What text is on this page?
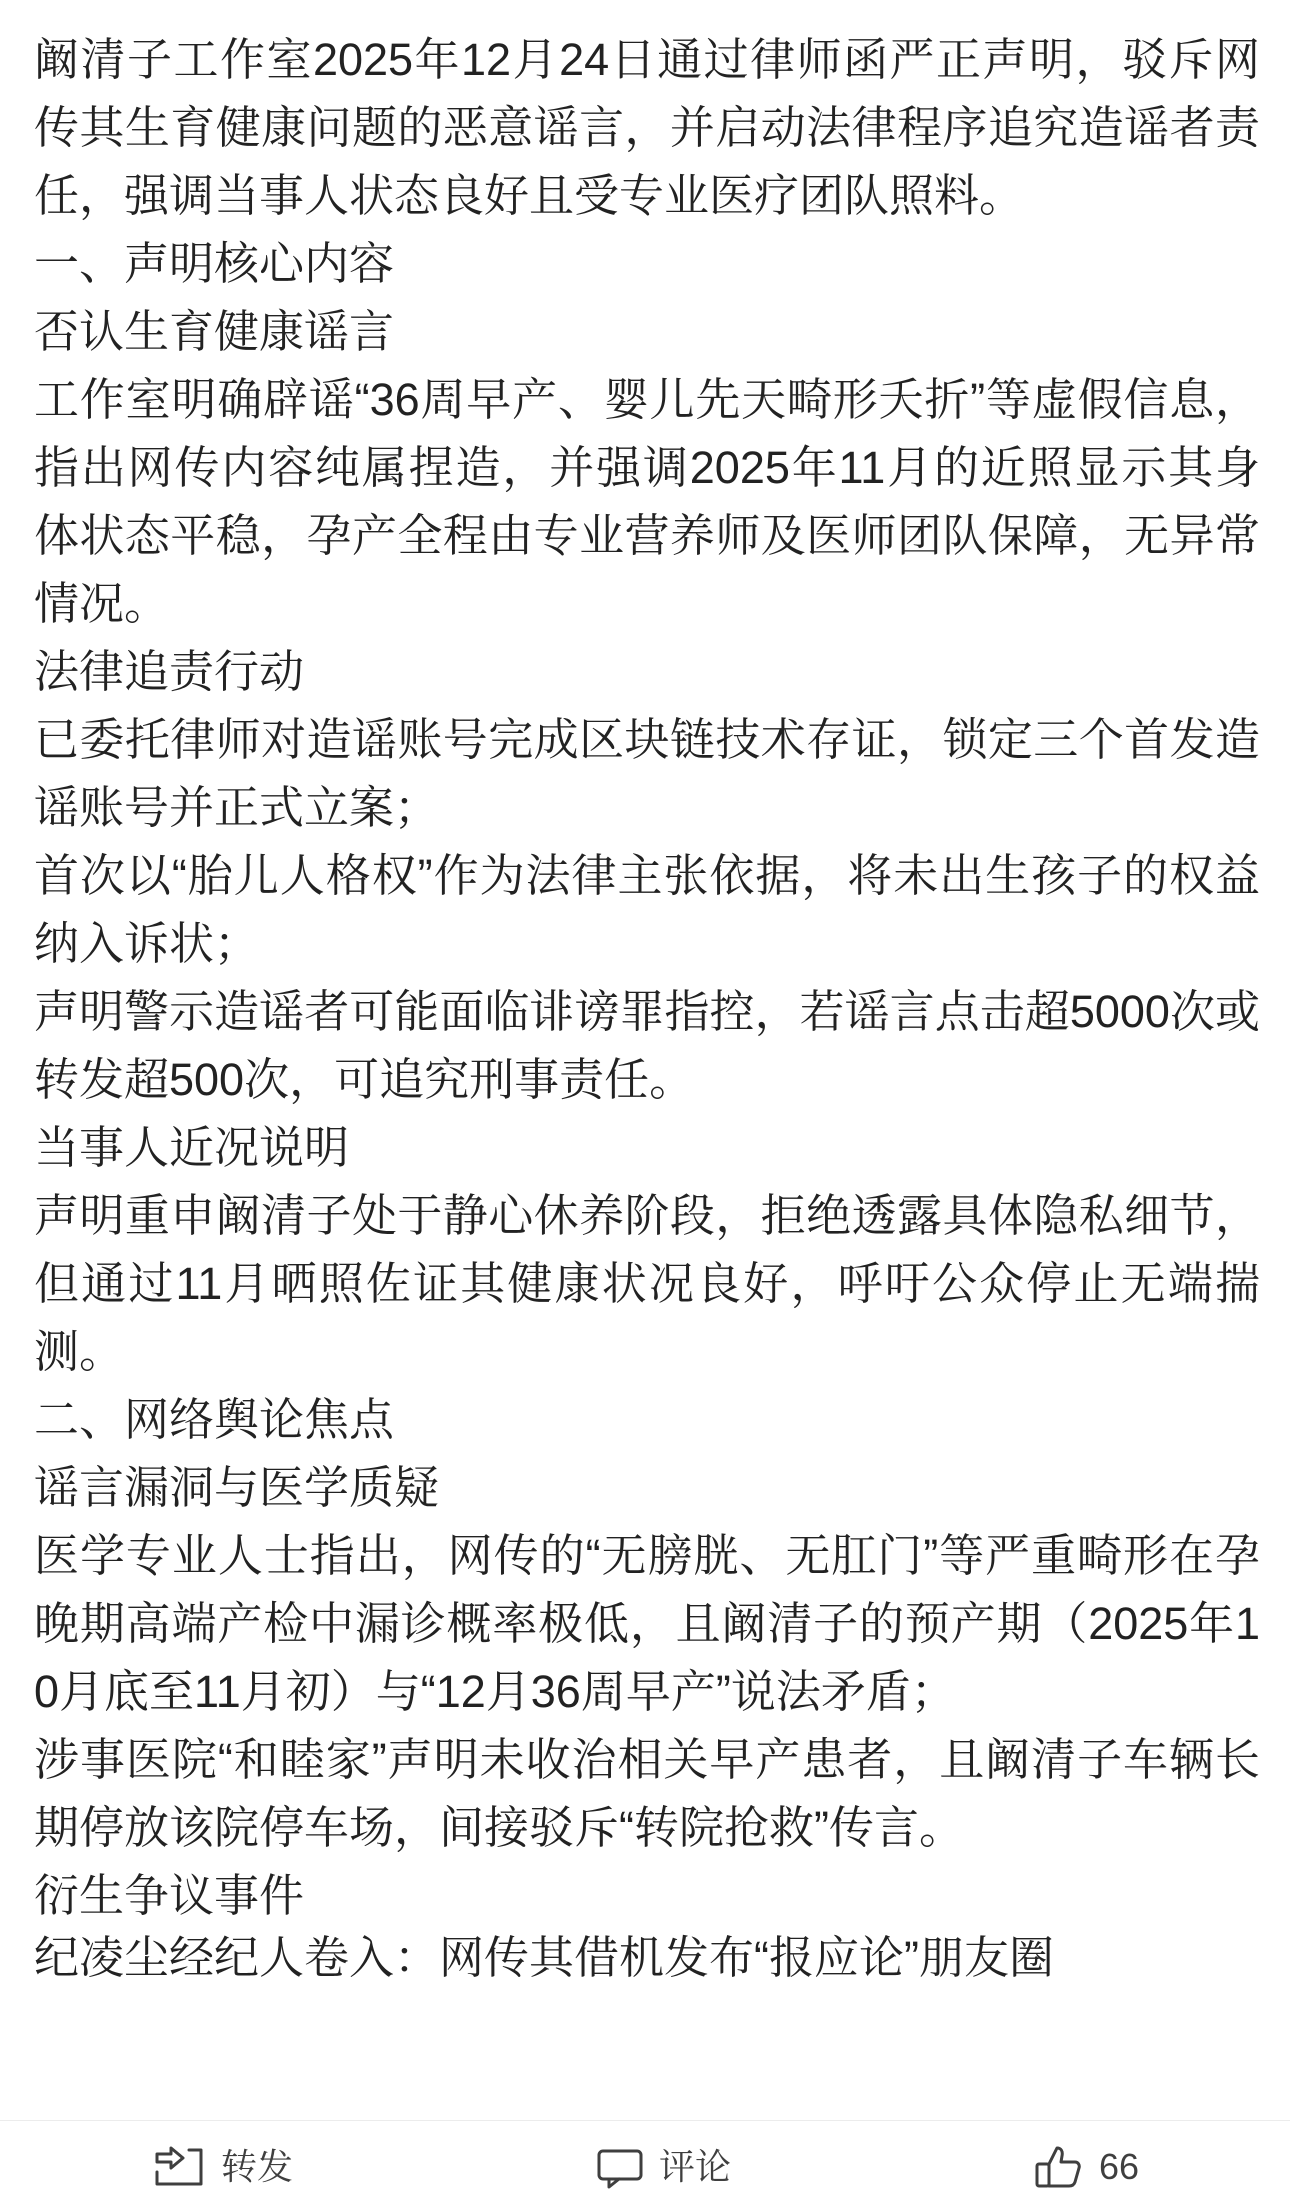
阚清子工作室2025年12月24日通过律师函严正声明，驳斥网传其生育健康问题的恶意谣言，并启动法律程序追究造谣者责任，强调当事人状态良好且受专业医疗团队照料。

一、声明核心内容

否认生育健康谣言

工作室明确辟谣“36周早产、婴儿先天畸形夭折”等虚假信息，指出网传内容纯属捏造，并强调2025年11月的近照显示其身体状态平稳，孕产全程由专业营养师及医师团队保障，无异常情况。

法律追责行动

已委托律师对造谣账号完成区块链技术存证，锁定三个首发造谣账号并正式立案；

首次以“胎儿人格权”作为法律主张依据，将未出生孩子的权益纳入诉状；

声明警示造谣者可能面临诽谤罪指控，若谣言点击超5000次或转发超500次，可追究刑事责任。

当事人近况说明

声明重申阚清子处于静心休养阶段，拒绝透露具体隐私细节，但通过11月晒照佐证其健康状况良好，呼吁公众停止无端揣测。

二、网络舆论焦点

谣言漏洞与医学质疑

医学专业人士指出，网传的“无膀胱、无肛门”等严重畸形在孕晚期高端产检中漏诊概率极低，且阚清子的预产期（2025年10月底至11月初）与“12月36周早产”说法矛盾；

涉事医院“和睦家”声明未收治相关早产患者，且阚清子车辆长期停放该院停车场，间接驳斥“转院抢救”传言。

衍生争议事件

纪凌尘经纪人卷入：网传其借机发布“报应论”朋友圈

转发	评论	66
